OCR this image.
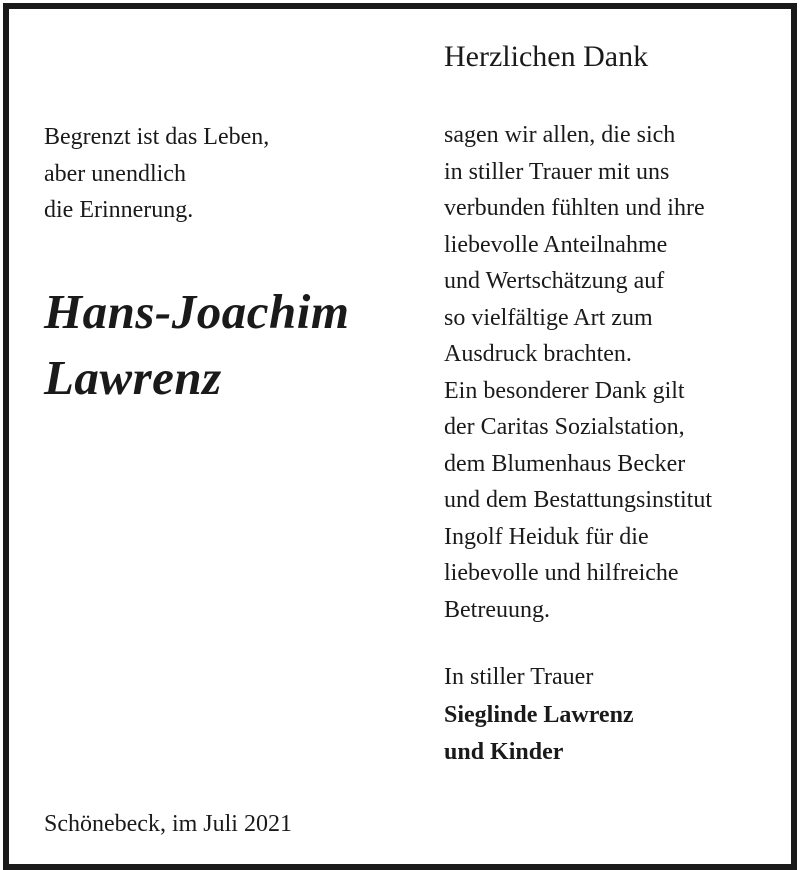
Begrenzt ist das Leben,
aber unendlich
die Erinnerung.
Hans-Joachim
Lawrenz
Herzlichen Dank
sagen wir allen, die sich
in stiller Trauer mit uns
verbunden fühlten und ihre
liebevolle Anteilnahme
und Wertschätzung auf
so vielfältige Art zum
Ausdruck brachten.
Ein besonderer Dank gilt
der Caritas Sozialstation,
dem Blumenhaus Becker
und dem Bestattungsinstitut
Ingolf Heiduk für die
liebevolle und hilfreiche
Betreuung.
In stiller Trauer
Sieglinde Lawrenz
und Kinder
Schönebeck, im Juli 2021
